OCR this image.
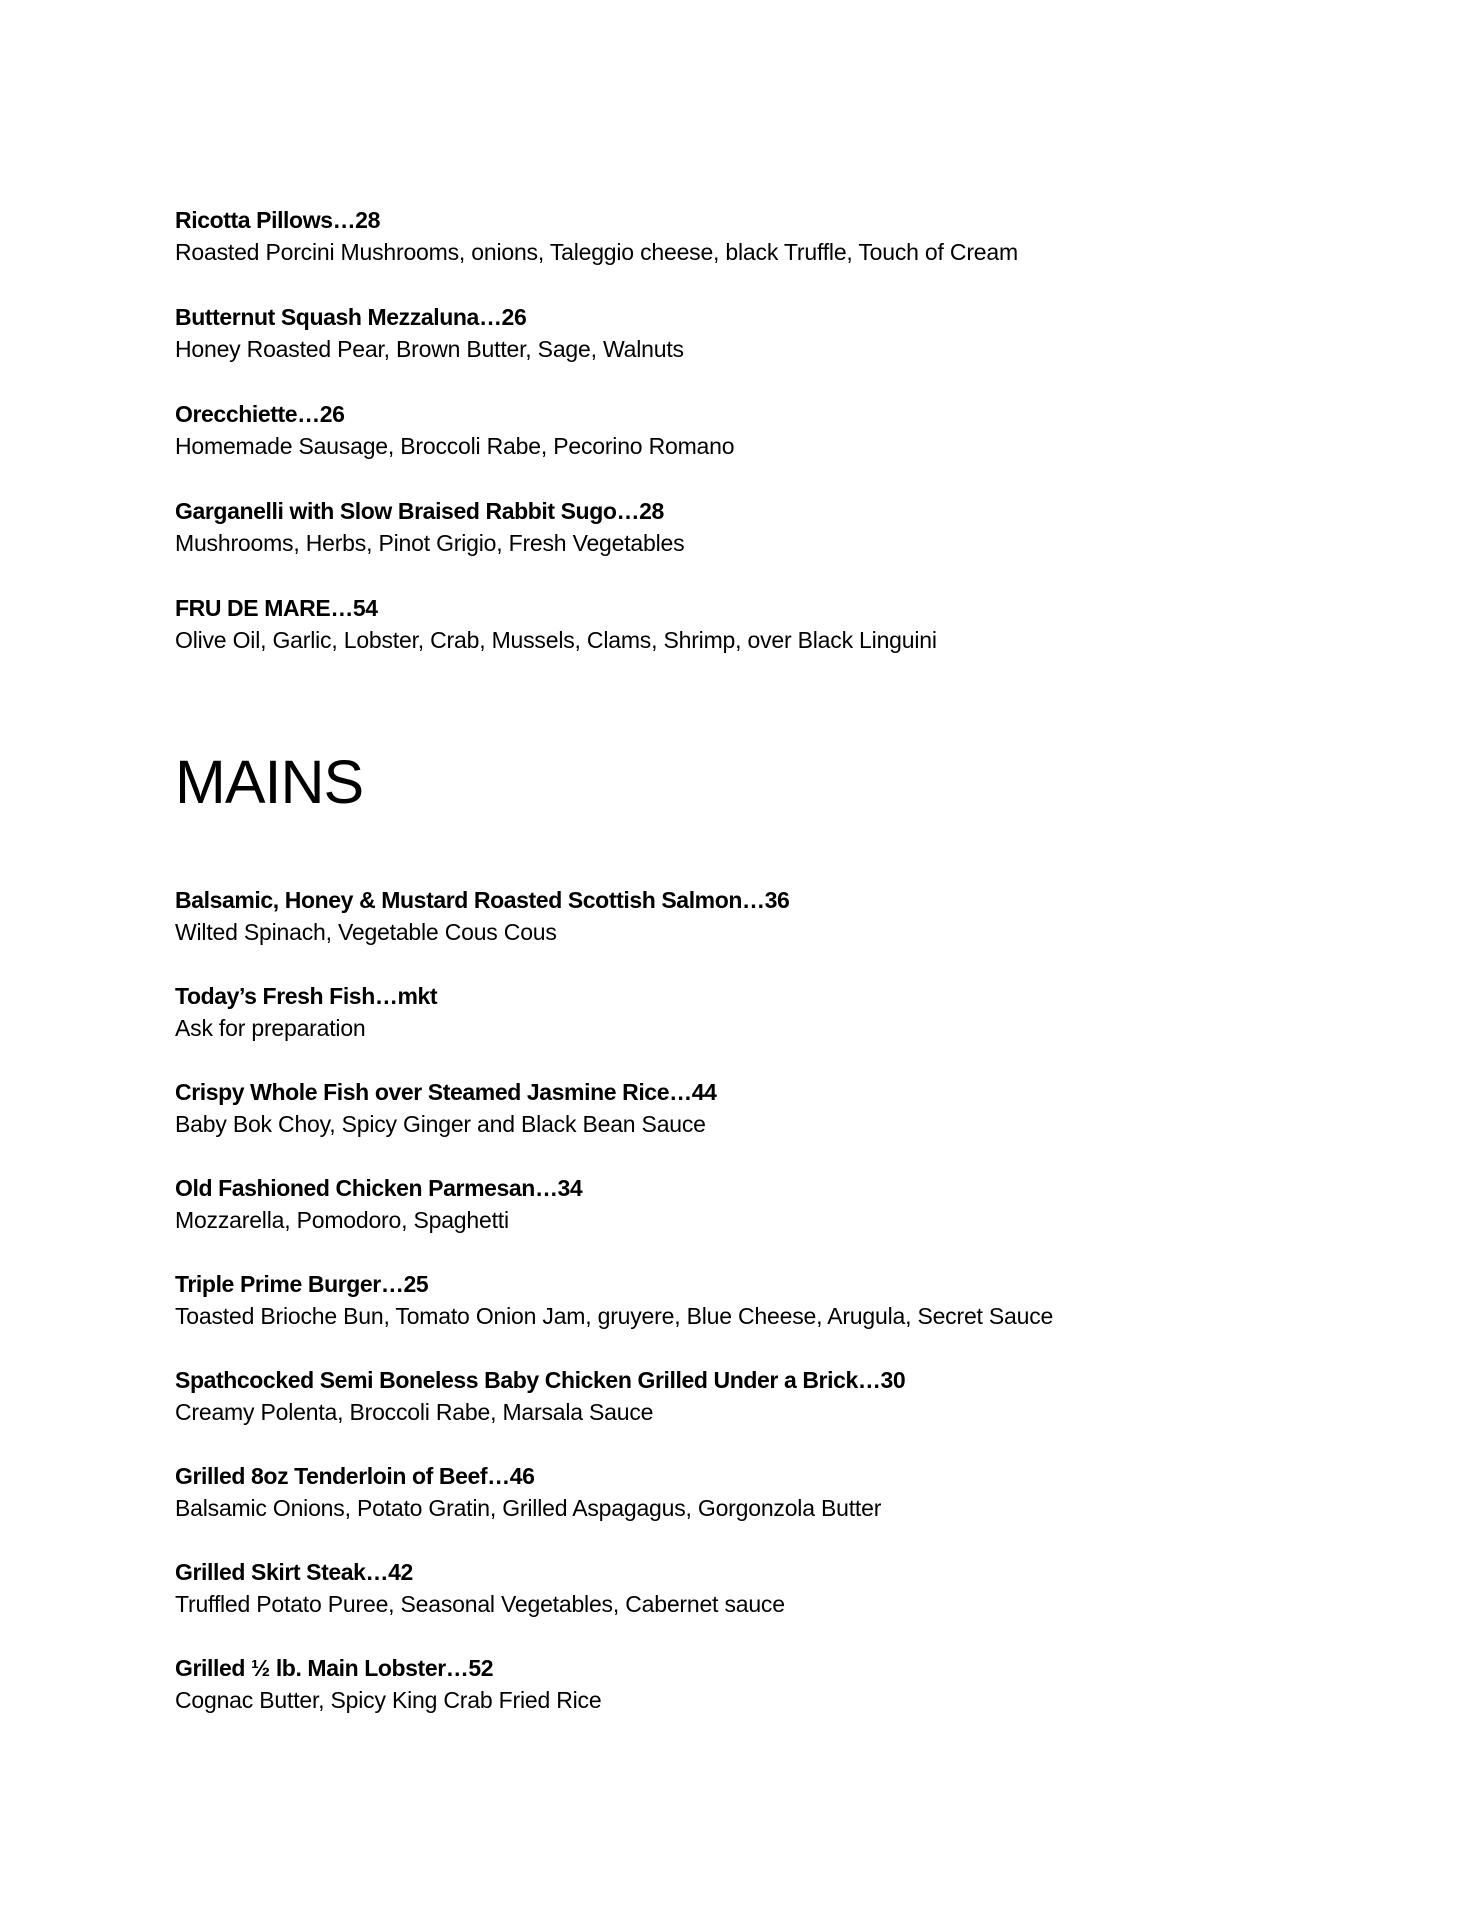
Ricotta Pillows…28
Roasted Porcini Mushrooms, onions, Taleggio cheese, black Truffle, Touch of Cream
Butternut Squash Mezzaluna…26
Honey Roasted Pear, Brown Butter, Sage, Walnuts
Orecchiette…26
Homemade Sausage, Broccoli Rabe, Pecorino Romano
Garganelli with Slow Braised Rabbit Sugo…28
Mushrooms, Herbs, Pinot Grigio, Fresh Vegetables
FRU DE MARE…54
Olive Oil, Garlic, Lobster, Crab, Mussels, Clams, Shrimp, over Black Linguini
MAINS
Balsamic, Honey & Mustard Roasted Scottish Salmon…36
Wilted Spinach, Vegetable Cous Cous
Today’s Fresh Fish…mkt
Ask for preparation
Crispy Whole Fish over Steamed Jasmine Rice…44
Baby Bok Choy, Spicy Ginger and Black Bean Sauce
Old Fashioned Chicken Parmesan…34
Mozzarella, Pomodoro, Spaghetti
Triple Prime Burger…25
Toasted Brioche Bun, Tomato Onion Jam, gruyere, Blue Cheese, Arugula, Secret Sauce
Spathcocked Semi Boneless Baby Chicken Grilled Under a Brick…30
Creamy Polenta, Broccoli Rabe, Marsala Sauce
Grilled 8oz Tenderloin of Beef…46
Balsamic Onions, Potato Gratin, Grilled Aspagagus, Gorgonzola Butter
Grilled Skirt Steak…42
Truffled Potato Puree, Seasonal Vegetables, Cabernet sauce
Grilled ½ lb. Main Lobster…52
Cognac Butter, Spicy King Crab Fried Rice
